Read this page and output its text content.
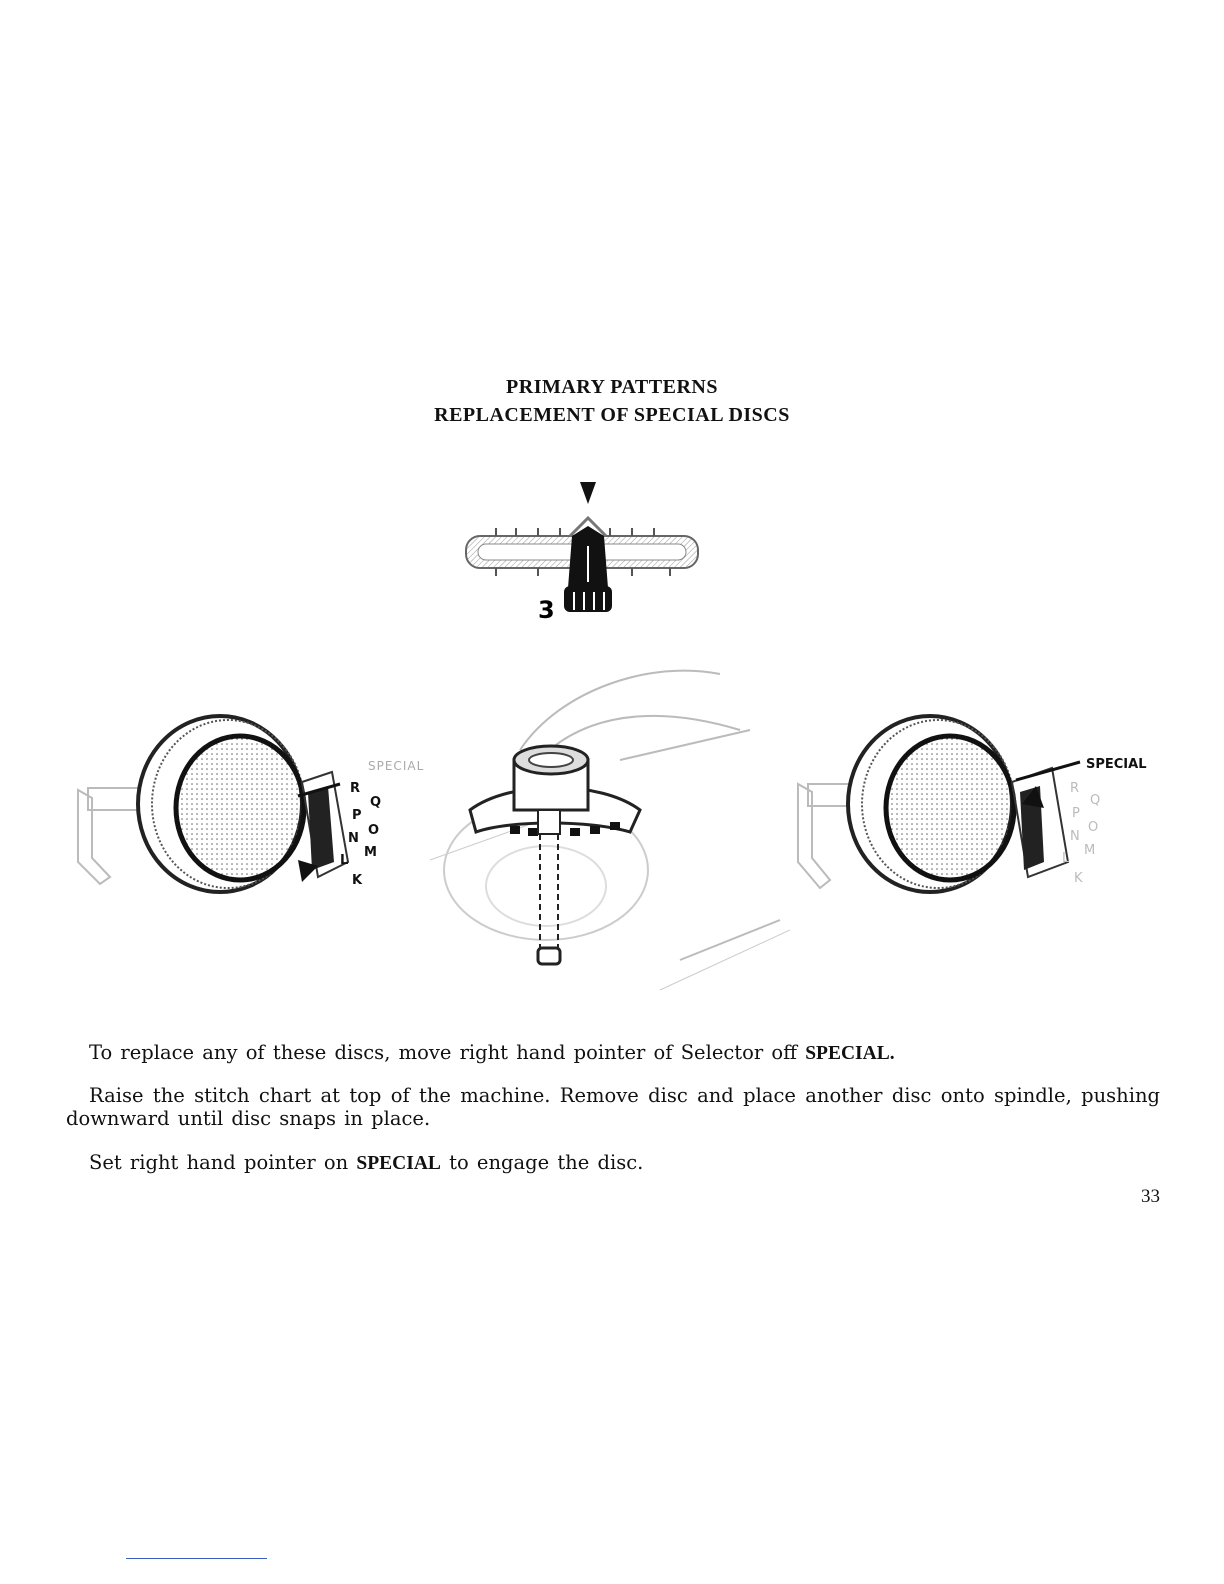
PRIMARY PATTERNS
REPLACEMENT OF SPECIAL DISCS
3
SPECIAL
R
Q
P
O
N
M
L
K
SPECIAL
R
Q
P
O
N
M
L
K
To replace any of these discs, move right hand pointer of Selector off SPECIAL.
Raise the stitch chart at top of the machine. Remove disc and place another disc onto spindle, pushing downward until disc snaps in place.
Set right hand pointer on SPECIAL to engage the disc.
33
